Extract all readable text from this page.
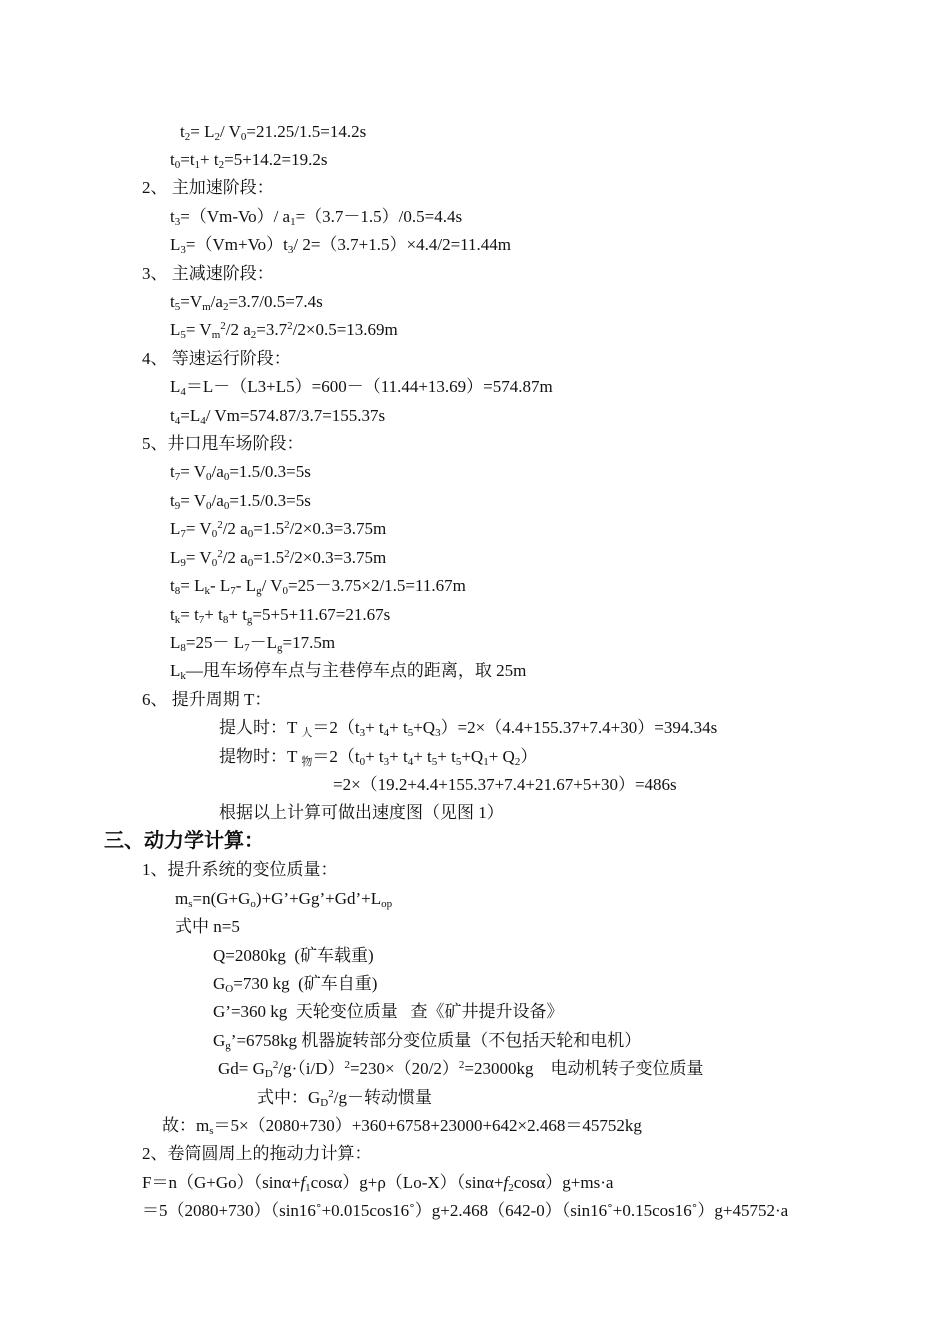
$t_2= L_2/$ $V_0=21.25/1.5=14.2s$
$t_0=t_1+ t_2=5+14.2=19.2s$
2、 主加速阶段：
$t_3=(Vm-Vo)/$ $a_1=(3.7-1.5)/0.5=4.4s$
$L_3=(Vm+Vo)t_3/$ 2=（3.7+1.5）×4.4/2=11.44m
3、 主减速阶段：
$t_5=V_m/a_2=3.7/0.5=7.4s$
$L_5= V_m^2/2$ $a_2=3.7^2/2\times 0.5=13.69m$
4、 等速运行阶段：
$L_4=L-(L3+L5)=600-(11.44+13.69)=574.87m$
$t_4=L_4/$ Vm=574.87/3.7=155.37s
5、井口甩车场阶段：
$t_7= V_0/a_0=1.5/0.3=5s$
$t_9= V_0/a_0=1.5/0.3=5s$
$L_7= V_0^2/2$ $a_0=1.5^2/2\times 0.3=3.75m$
$L_9= V_0^2/2$ $a_0=1.5^2/2\times 0.3=3.75m$
$t_8= L_k-$ $L_7-$ $L_g/$ $V_0=25-3.75\times 2/1.5=11.67m$
$t_k= t_7+ t_8+ t_g=5+5+11.67=21.67s$
$L_8=25- L_7-L_g=17.5m$
$L_k—$甩车场停车点与主巷停车点的距离，取 25m
6、 提升周期 T：
提人时：T $_人=2(t_3+ t_4+ t_5+Q_3)=2\times(4.4+155.37+7.4+30)=394.34s$
提物时：T $_物=2(t_0+ t_3+ t_4+ t_5+ t_5+Q_1+ Q_2)$
=2×（19.2+4.4+155.37+7.4+21.67+5+30）=486s
根据以上计算可做出速度图（见图 1）
三、动力学计算：
1、提升系统的变位质量：
$m_s=n(G+G_o)+G’+Gg’+Gd’+L_{op}$
式中 n=5
Q=2080kg  (矿车载重)
$G_O=730$ kg  (矿车自重)
G’=360 kg  天轮变位质量   查《矿井提升设备》
$G_g’=6758kg$ 机器旋转部分变位质量（不包括天轮和电机）
$Gd= G_D^2/g\cdot(i/D)^2=230\times(20/2)^2=23000kg$    电动机转子变位质量
式中：$G_D^2/g-$转动惯量
故：$m_s=5\times(2080+730)+360+6758+23000+642\times 2.468=45752kg$
2、卷筒圆周上的拖动力计算：
$F=n(G+Go)(\sin\alpha+f_1\cos\alpha)g+\rho(Lo-X)(\sin\alpha+f_2\cos\alpha)g+ms\cdot a$
＝5（2080+730）（sin16˚+0.015cos16˚）g+2.468（642-0）（sin16˚+0.15cos16˚）g+45752·a
